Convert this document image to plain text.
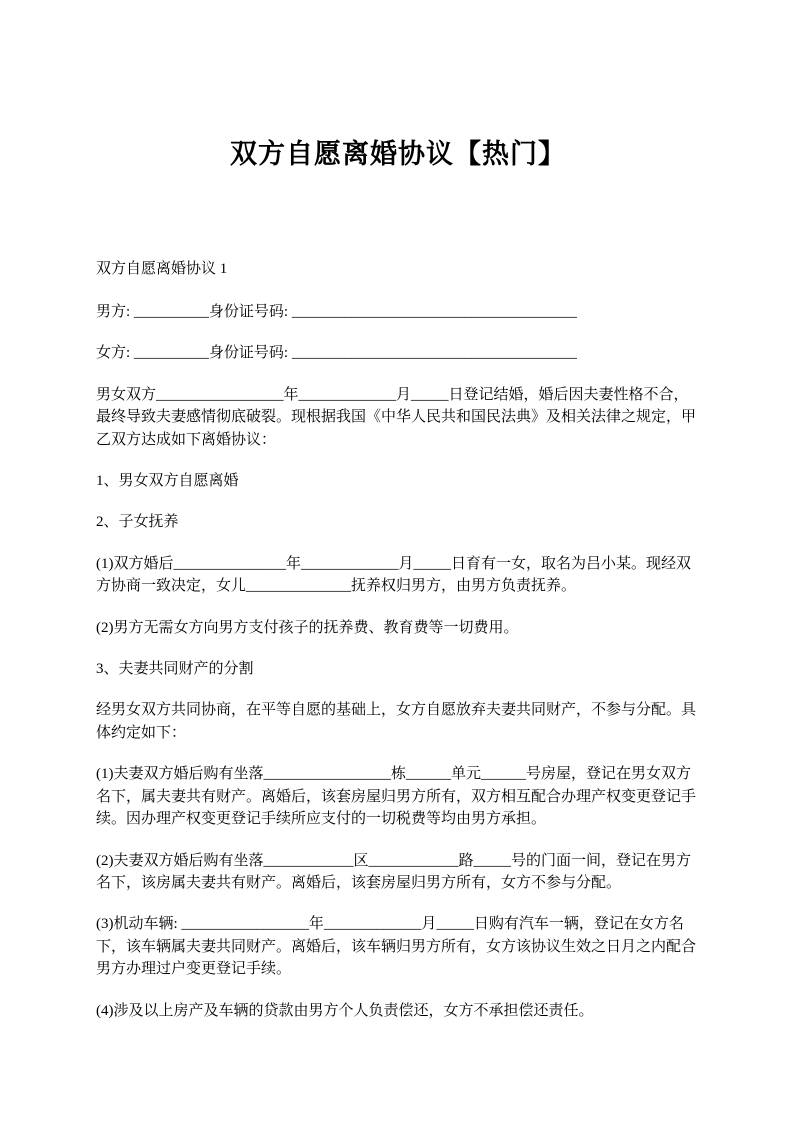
双方自愿离婚协议【热门】

双方自愿离婚协议 1

男方: __________身份证号码: ______________________________________

女方: __________身份证号码: ______________________________________

男女双方_________________年_____________月_____日登记结婚，婚后因夫妻性格不合，最终导致夫妻感情彻底破裂。现根据我国《中华人民共和国民法典》及相关法律之规定，甲乙双方达成如下离婚协议：

1、男女双方自愿离婚

2、子女抚养

(1)双方婚后_______________年_____________月_____日育有一女，取名为吕小某。现经双方协商一致决定，女儿______________抚养权归男方，由男方负责抚养。

(2)男方无需女方向男方支付孩子的抚养费、教育费等一切费用。

3、夫妻共同财产的分割

经男女双方共同协商，在平等自愿的基础上，女方自愿放弃夫妻共同财产，不参与分配。具体约定如下：

(1)夫妻双方婚后购有坐落_________________栋______单元______号房屋，登记在男女双方名下，属夫妻共有财产。离婚后，该套房屋归男方所有，双方相互配合办理产权变更登记手续。因办理产权变更登记手续所应支付的一切税费等均由男方承担。

(2)夫妻双方婚后购有坐落____________区____________路_____号的门面一间，登记在男方名下，该房属夫妻共有财产。离婚后，该套房屋归男方所有，女方不参与分配。

(3)机动车辆: _________________年_____________月_____日购有汽车一辆，登记在女方名下，该车辆属夫妻共同财产。离婚后，该车辆归男方所有，女方该协议生效之日月之内配合男方办理过户变更登记手续。

(4)涉及以上房产及车辆的贷款由男方个人负责偿还，女方不承担偿还责任。
